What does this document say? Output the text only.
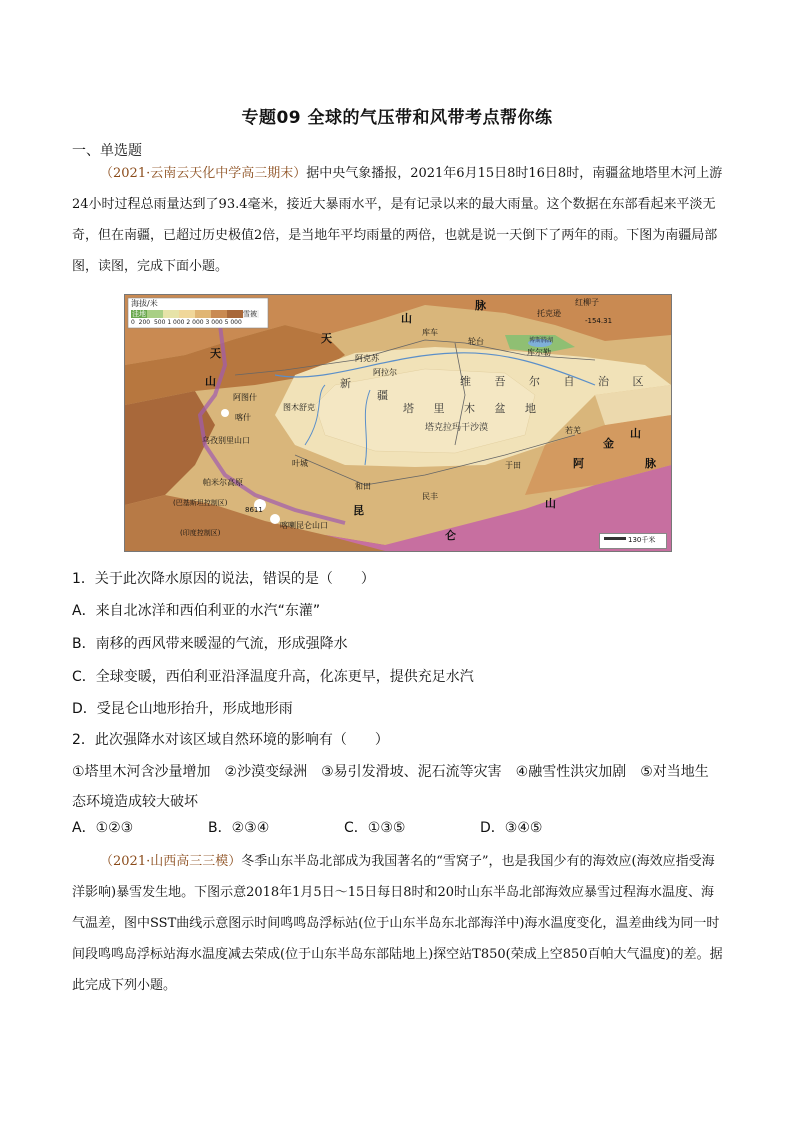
专题09 全球的气压带和风带考点帮你练
一、单选题

（2021·云南云天化中学高三期末）据中央气象播报，2021年6月15日8时16日8时，南疆盆地塔里木河上游24小时过程总雨量达到了93.4毫米，接近大暴雨水平，是有记录以来的最大雨量。这个数据在东部看起来平淡无奇，但在南疆，已超过历史极值2倍，是当地年平均雨量的两倍，也就是说一天倒下了两年的雨。下图为南疆局部图，读图，完成下面小题。

海拔/米
洼地	雪被
0 200 500 1 000 2 000 3 000 5 000
天
山
天
山
脉	红柳子
托克逊
-154.31
库车
轮台
库尔勒
博斯腾湖
阿克苏
阿拉尔
阿图什
喀什
图木舒克
乌孜别里山口
帕米尔高原
叶城
和田
于田
民丰
若羌
喀喇昆仑山口
8611
(巴基斯坦控制区)
(印度控制区)
塔 里 木 盆 地
塔克拉玛干沙漠
维 吾 尔 自 治 区
新
疆
昆
仑
山
阿
金
山
脉
130千米

1．关于此次降水原因的说法，错误的是（　　）

A．来自北冰洋和西伯利亚的水汽“东灌”

B．南移的西风带来暖湿的气流，形成强降水

C．全球变暖，西伯利亚沿泽温度升高，化冻更早，提供充足水汽

D．受昆仑山地形抬升，形成地形雨

2．此次强降水对该区域自然环境的影响有（　　）

①塔里木河含沙量增加　②沙漠变绿洲　③易引发滑坡、泥石流等灾害　④融雪性洪灾加剧　⑤对当地生

态环境造成较大破坏

A．①②③	B．②③④	C．①③⑤	D．③④⑤

（2021·山西高三三模）冬季山东半岛北部成为我国著名的“雪窝子”，也是我国少有的海效应(海效应指受海洋影响)暴雪发生地。下图示意2018年1月5日～15日每日8时和20时山东半岛北部海效应暴雪过程海水温度、海气温差，图中SST曲线示意图示时间鸣鸣岛浮标站(位于山东半岛东北部海洋中)海水温度变化，温差曲线为同一时间段鸣鸣岛浮标站海水温度减去荣成(位于山东半岛东部陆地上)探空站T850(荣成上空850百帕大气温度)的差。据此完成下列小题。
